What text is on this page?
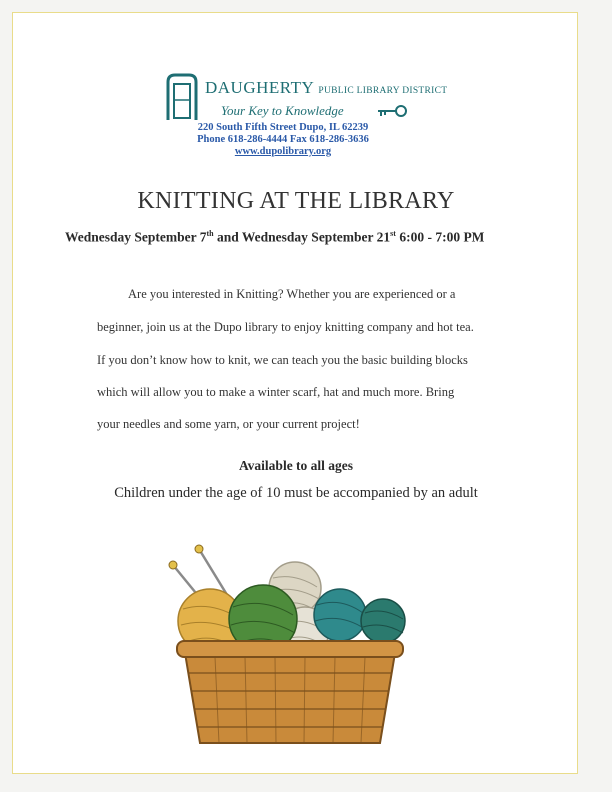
DAUGHERTY PUBLIC LIBRARY DISTRICT
Your Key to Knowledge
220 South Fifth Street Dupo, IL 62239
Phone 618-286-4444 Fax 618-286-3636
www.dupolibrary.org
KNITTING AT THE LIBRARY
Wednesday September 7th and Wednesday September 21st 6:00 - 7:00 PM
Are you interested in Knitting? Whether you are experienced or a
beginner, join us at the Dupo library to enjoy knitting company and hot tea.
If you don’t know how to knit, we can teach you the basic building blocks
which will allow you to make a winter scarf, hat and much more. Bring
your needles and some yarn, or your current project!
Available to all ages
Children under the age of 10 must be accompanied by an adult
